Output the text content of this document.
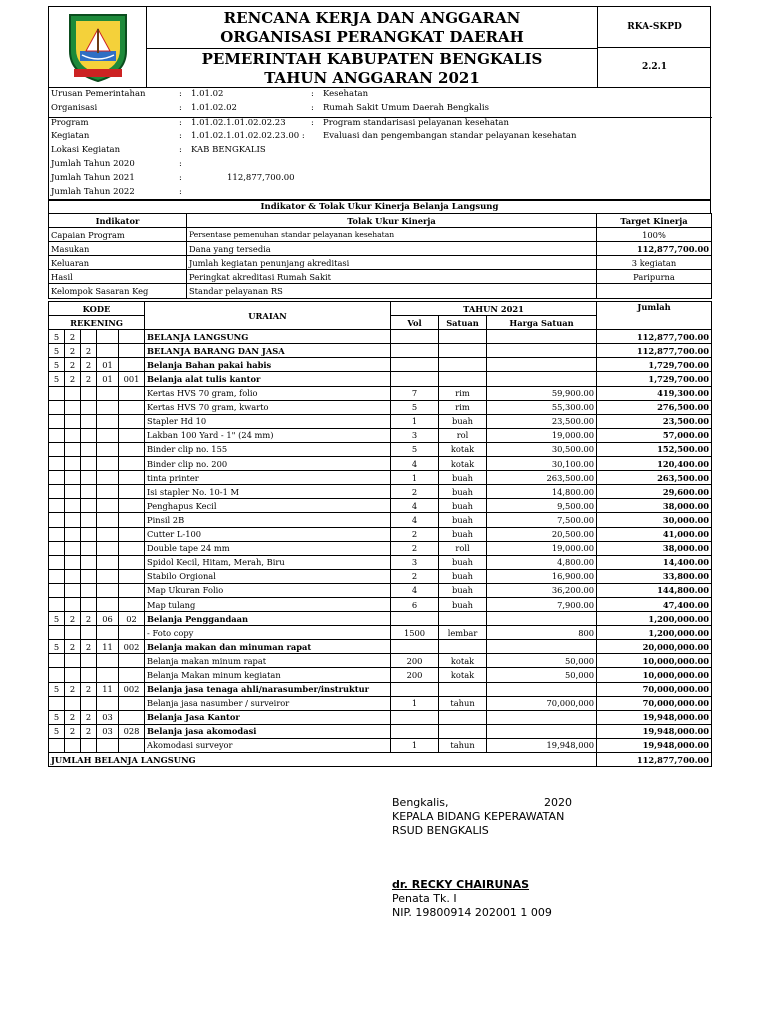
RENCANA KERJA DAN ANGGARAN
ORGANISASI PERANGKAT DAERAH
PEMERINTAH KABUPATEN BENGKALIS
TAHUN ANGGARAN 2021
RKA-SKPD
2.2.1
Urusan Pemerintahan	: 1.01.02	: Kesehatan
Organisasi	: 1.01.02.02	: Rumah Sakit Umum Daerah Bengkalis
Program	: 1.01.02.1.01.02.02.23	: Program standarisasi pelayanan kesehatan
Kegiatan	: 1.01.02.1.01.02.02.23.00 : Evaluasi dan pengembangan standar pelayanan kesehatan
Lokasi Kegiatan	: KAB BENGKALIS
Jumlah Tahun 2020	:
Jumlah Tahun 2021	:	112,877,700.00
Jumlah Tahun 2022	:
Indikator & Tolak Ukur Kinerja Belanja Langsung
Indikator	Tolak Ukur Kinerja	Target Kinerja
Capaian Program	Persentase pemenuhan standar pelayanan kesehatan	100%
Masukan	Dana yang tersedia	112,877,700.00
Keluaran	Jumlah kegiatan penunjang akreditasi	3 kegiatan
Hasil	Peringkat akreditasi Rumah Sakit	Paripurna
Kelompok Sasaran Keg	Standar pelayanan RS	
KODE					URAIAN	TAHUN 2021			Jumlah
REKENING						Vol	Satuan	Harga Satuan	
5	2				BELANJA LANGSUNG				112,877,700.00
5	2	2			BELANJA BARANG DAN JASA				112,877,700.00
5	2	2	01		Belanja Bahan pakai habis				1,729,700.00
5	2	2	01	001	Belanja alat tulis kantor				1,729,700.00
					Kertas HVS 70 gram, folio	7	rim	59,900.00	419,300.00
					Kertas HVS 70 gram, kwarto	5	rim	55,300.00	276,500.00
					Stapler Hd 10	1	buah	23,500.00	23,500.00
					Lakban 100 Yard - 1" (24 mm)	3	rol	19,000.00	57,000.00
					Binder clip no. 155	5	kotak	30,500.00	152,500.00
					Binder clip no. 200	4	kotak	30,100.00	120,400.00
					tinta printer	1	buah	263,500.00	263,500.00
					Isi stapler No. 10-1 M	2	buah	14,800.00	29,600.00
					Penghapus Kecil	4	buah	9,500.00	38,000.00
					Pinsil 2B	4	buah	7,500.00	30,000.00
					Cutter L-100	2	buah	20,500.00	41,000.00
					Double tape 24 mm	2	roll	19,000.00	38,000.00
					Spidol Kecil, Hitam, Merah, Biru	3	buah	4,800.00	14,400.00
					Stabilo Orgional	2	buah	16,900.00	33,800.00
					Map Ukuran Folio	4	buah	36,200.00	144,800.00
					Map tulang	6	buah	7,900.00	47,400.00
5	2	2	06	02	Belanja Penggandaan				1,200,000.00
					- Foto copy	1500	lembar	800	1,200,000.00
5	2	2	11	002	Belanja makan dan minuman rapat				20,000,000.00
					Belanja makan minum rapat	200	kotak	50,000	10,000,000.00
					Belanja Makan minum kegiatan	200	kotak	50,000	10,000,000.00
5	2	2	11	002	Belanja jasa tenaga ahli/narasumber/instruktur				70,000,000.00
					Belanja jasa nasumber / surveiror	1	tahun	70,000,000	70,000,000.00
5	2	2	03		Belanja Jasa Kantor				19,948,000.00
5	2	2	03	028	Belanja jasa akomodasi				19,948,000.00
					Akomodasi surveyor	1	tahun	19,948,000	19,948,000.00
JUMLAH BELANJA LANGSUNG									112,877,700.00
Bengkalis,	2020
KEPALA BIDANG KEPERAWATAN
RSUD BENGKALIS
dr. RECKY CHAIRUNAS
Penata Tk. I
NIP. 19800914 202001 1 009
